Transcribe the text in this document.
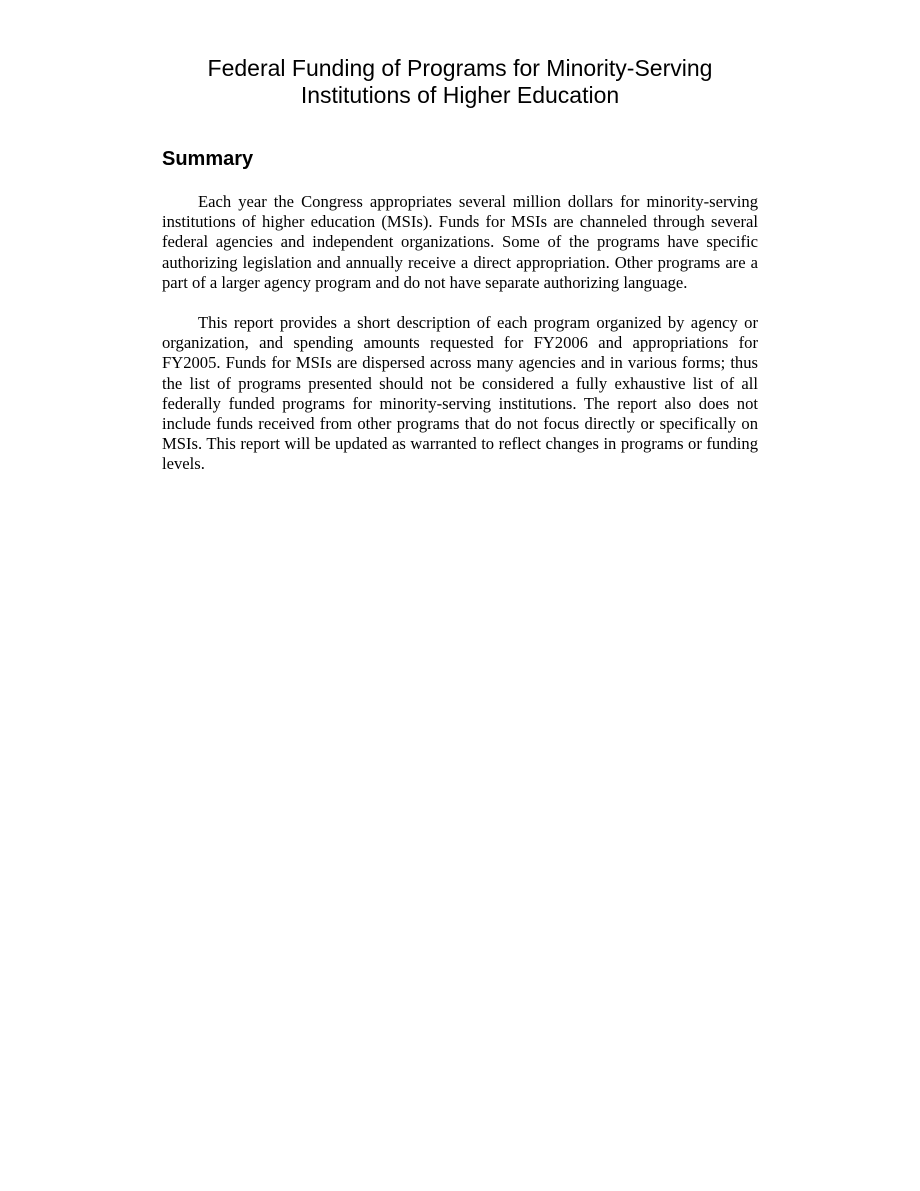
Federal Funding of Programs for Minority-Serving
Institutions of Higher Education
Summary

Each year the Congress appropriates several million dollars for minority-serving institutions of higher education (MSIs). Funds for MSIs are channeled through several federal agencies and independent organizations. Some of the programs have specific authorizing legislation and annually receive a direct appropriation. Other programs are a part of a larger agency program and do not have separate authorizing language.

This report provides a short description of each program organized by agency or organization, and spending amounts requested for FY2006 and appropriations for FY2005. Funds for MSIs are dispersed across many agencies and in various forms; thus the list of programs presented should not be considered a fully exhaustive list of all federally funded programs for minority-serving institutions. The report also does not include funds received from other programs that do not focus directly or specifically on MSIs. This report will be updated as warranted to reflect changes in programs or funding levels.
